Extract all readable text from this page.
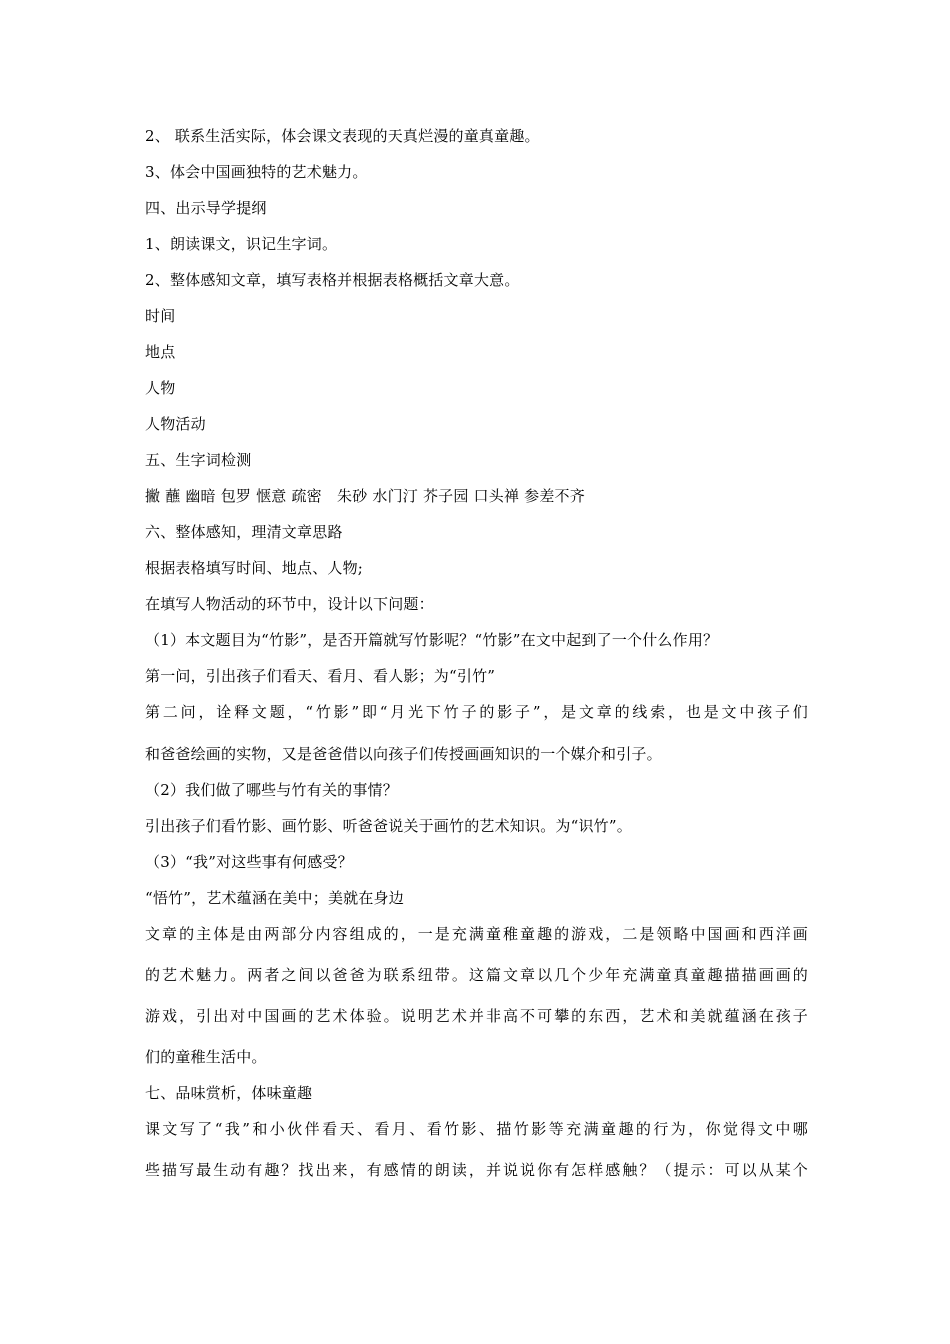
2、 联系生活实际，体会课文表现的天真烂漫的童真童趣。
3、体会中国画独特的艺术魅力。
四、出示导学提纲
1、朗读课文，识记生字词。
2、整体感知文章，填写表格并根据表格概括文章大意。
时间
地点
人物
人物活动
五、生字词检测
撇 蘸 幽暗 包罗 惬意 疏密　朱砂 水门汀 芥子园 口头禅 参差不齐
六、整体感知，理清文章思路
根据表格填写时间、地点、人物;
在填写人物活动的环节中，设计以下问题：
（1）本文题目为“竹影”，是否开篇就写竹影呢？“竹影”在文中起到了一个什么作用？
第一问，引出孩子们看天、看月、看人影；为“引竹”
第二问，诠释文题，“竹影”即“月光下竹子的影子”，是文章的线索，也是文中孩子们
和爸爸绘画的实物，又是爸爸借以向孩子们传授画画知识的一个媒介和引子。
（2）我们做了哪些与竹有关的事情？
引出孩子们看竹影、画竹影、听爸爸说关于画竹的艺术知识。为“识竹”。
（3）“我”对这些事有何感受？
“悟竹”，艺术蕴涵在美中；美就在身边
文章的主体是由两部分内容组成的，一是充满童稚童趣的游戏，二是领略中国画和西洋画
的艺术魅力。两者之间以爸爸为联系纽带。这篇文章以几个少年充满童真童趣描描画画的
游戏，引出对中国画的艺术体验。说明艺术并非高不可攀的东西，艺术和美就蕴涵在孩子
们的童稚生活中。
七、品味赏析，体味童趣
课文写了“我”和小伙伴看天、看月、看竹影、描竹影等充满童趣的行为，你觉得文中哪
些描写最生动有趣？找出来，有感情的朗读，并说说你有怎样感触？（提示：可以从某个
